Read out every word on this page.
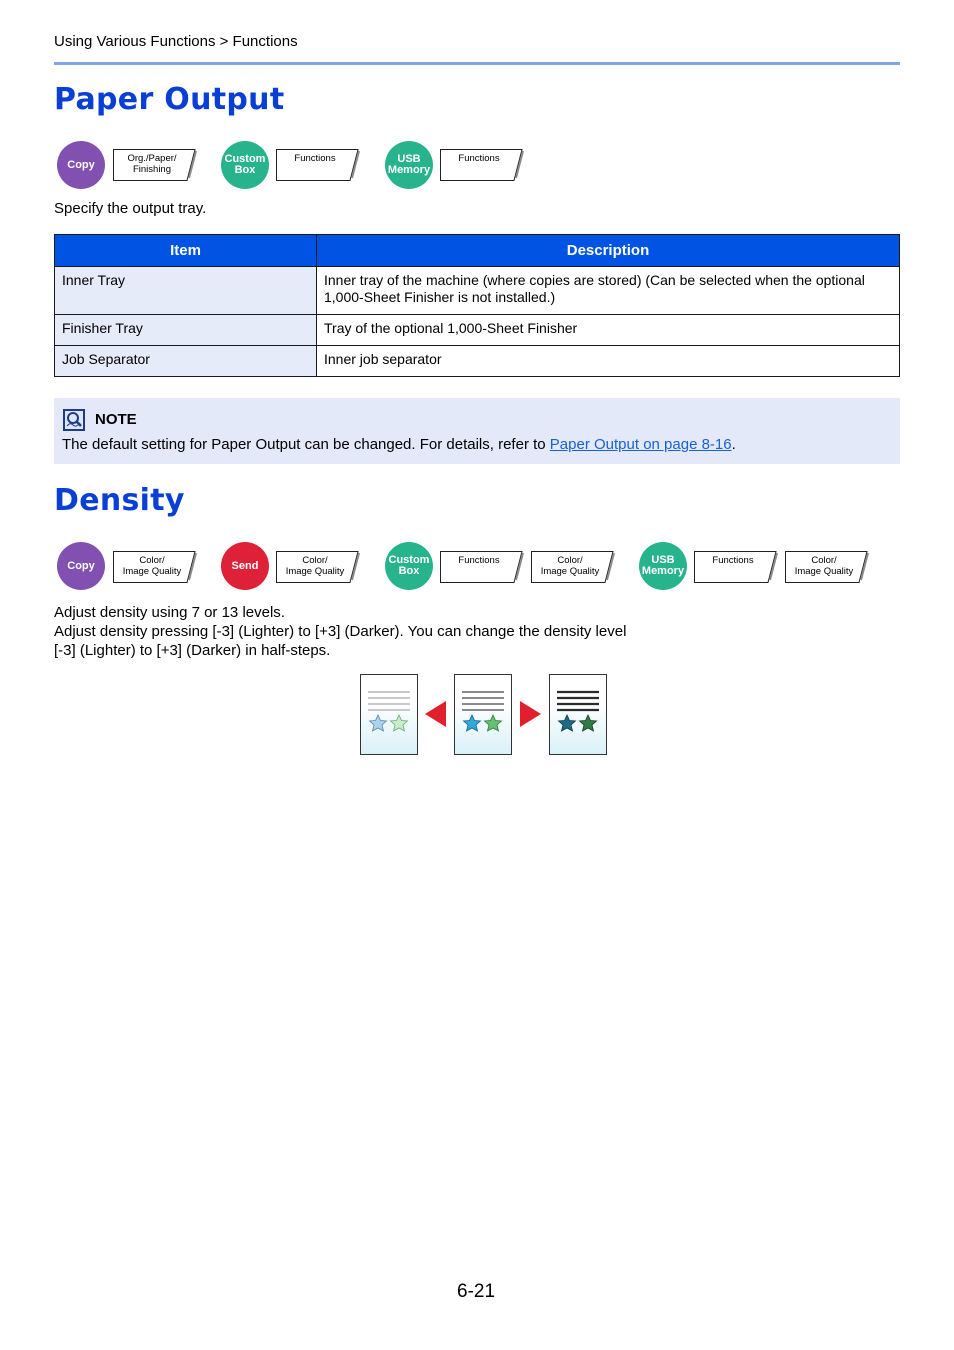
Using Various Functions > Functions
Paper Output
Copy	Org./Paper/
Finishing
Custom
Box
Functions	USB
Memory
Functions

Specify the output tray.

Item	Description
Inner Tray	Inner tray of the machine (where copies are stored) (Can be selected when the optional 1,000-Sheet Finisher is not installed.)
Finisher Tray	Tray of the optional 1,000-Sheet Finisher
Job Separator	Inner job separator
NOTE
The default setting for Paper Output can be changed. For details, refer to Paper Output on page 8-16.
Density
Copy	Color/
Image Quality	Send	Color/
Image Quality
Custom
Box
Functions	Color/
Image Quality
USB
Memory
Functions	Color/
Image Quality

Adjust density using 7 or 13 levels.

Adjust density pressing [-3] (Lighter) to [+3] (Darker). You can change the density level

[-3] (Lighter) to [+3] (Darker) in half-steps.

6-21
